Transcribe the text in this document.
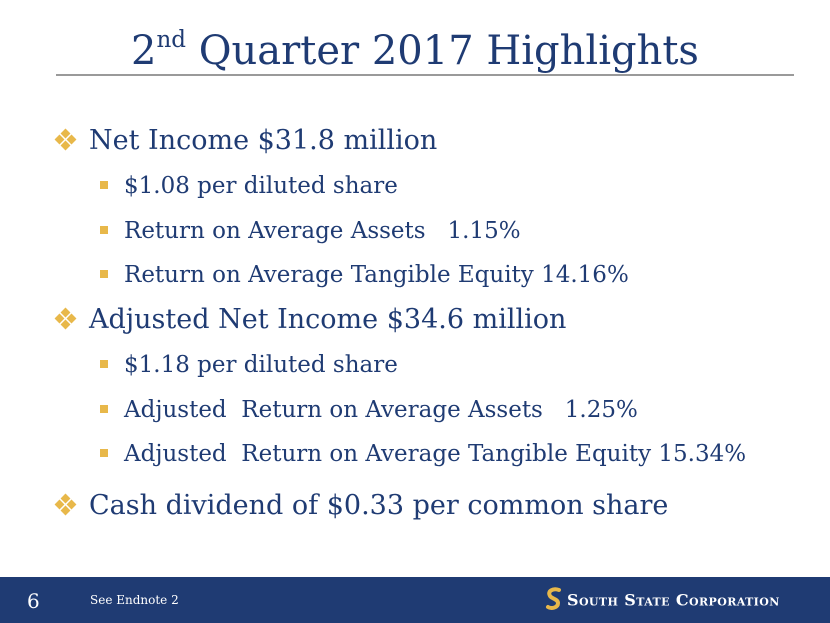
2nd Quarter 2017 Highlights
Net Income $31.8 million
$1.08 per diluted share
Return on Average Assets   1.15%
Return on Average Tangible Equity 14.16%
Adjusted Net Income $34.6 million
$1.18 per diluted share
Adjusted  Return on Average Assets   1.25%
Adjusted  Return on Average Tangible Equity 15.34%
Cash dividend of $0.33 per common share
6	See Endnote 2	South State Corporation
